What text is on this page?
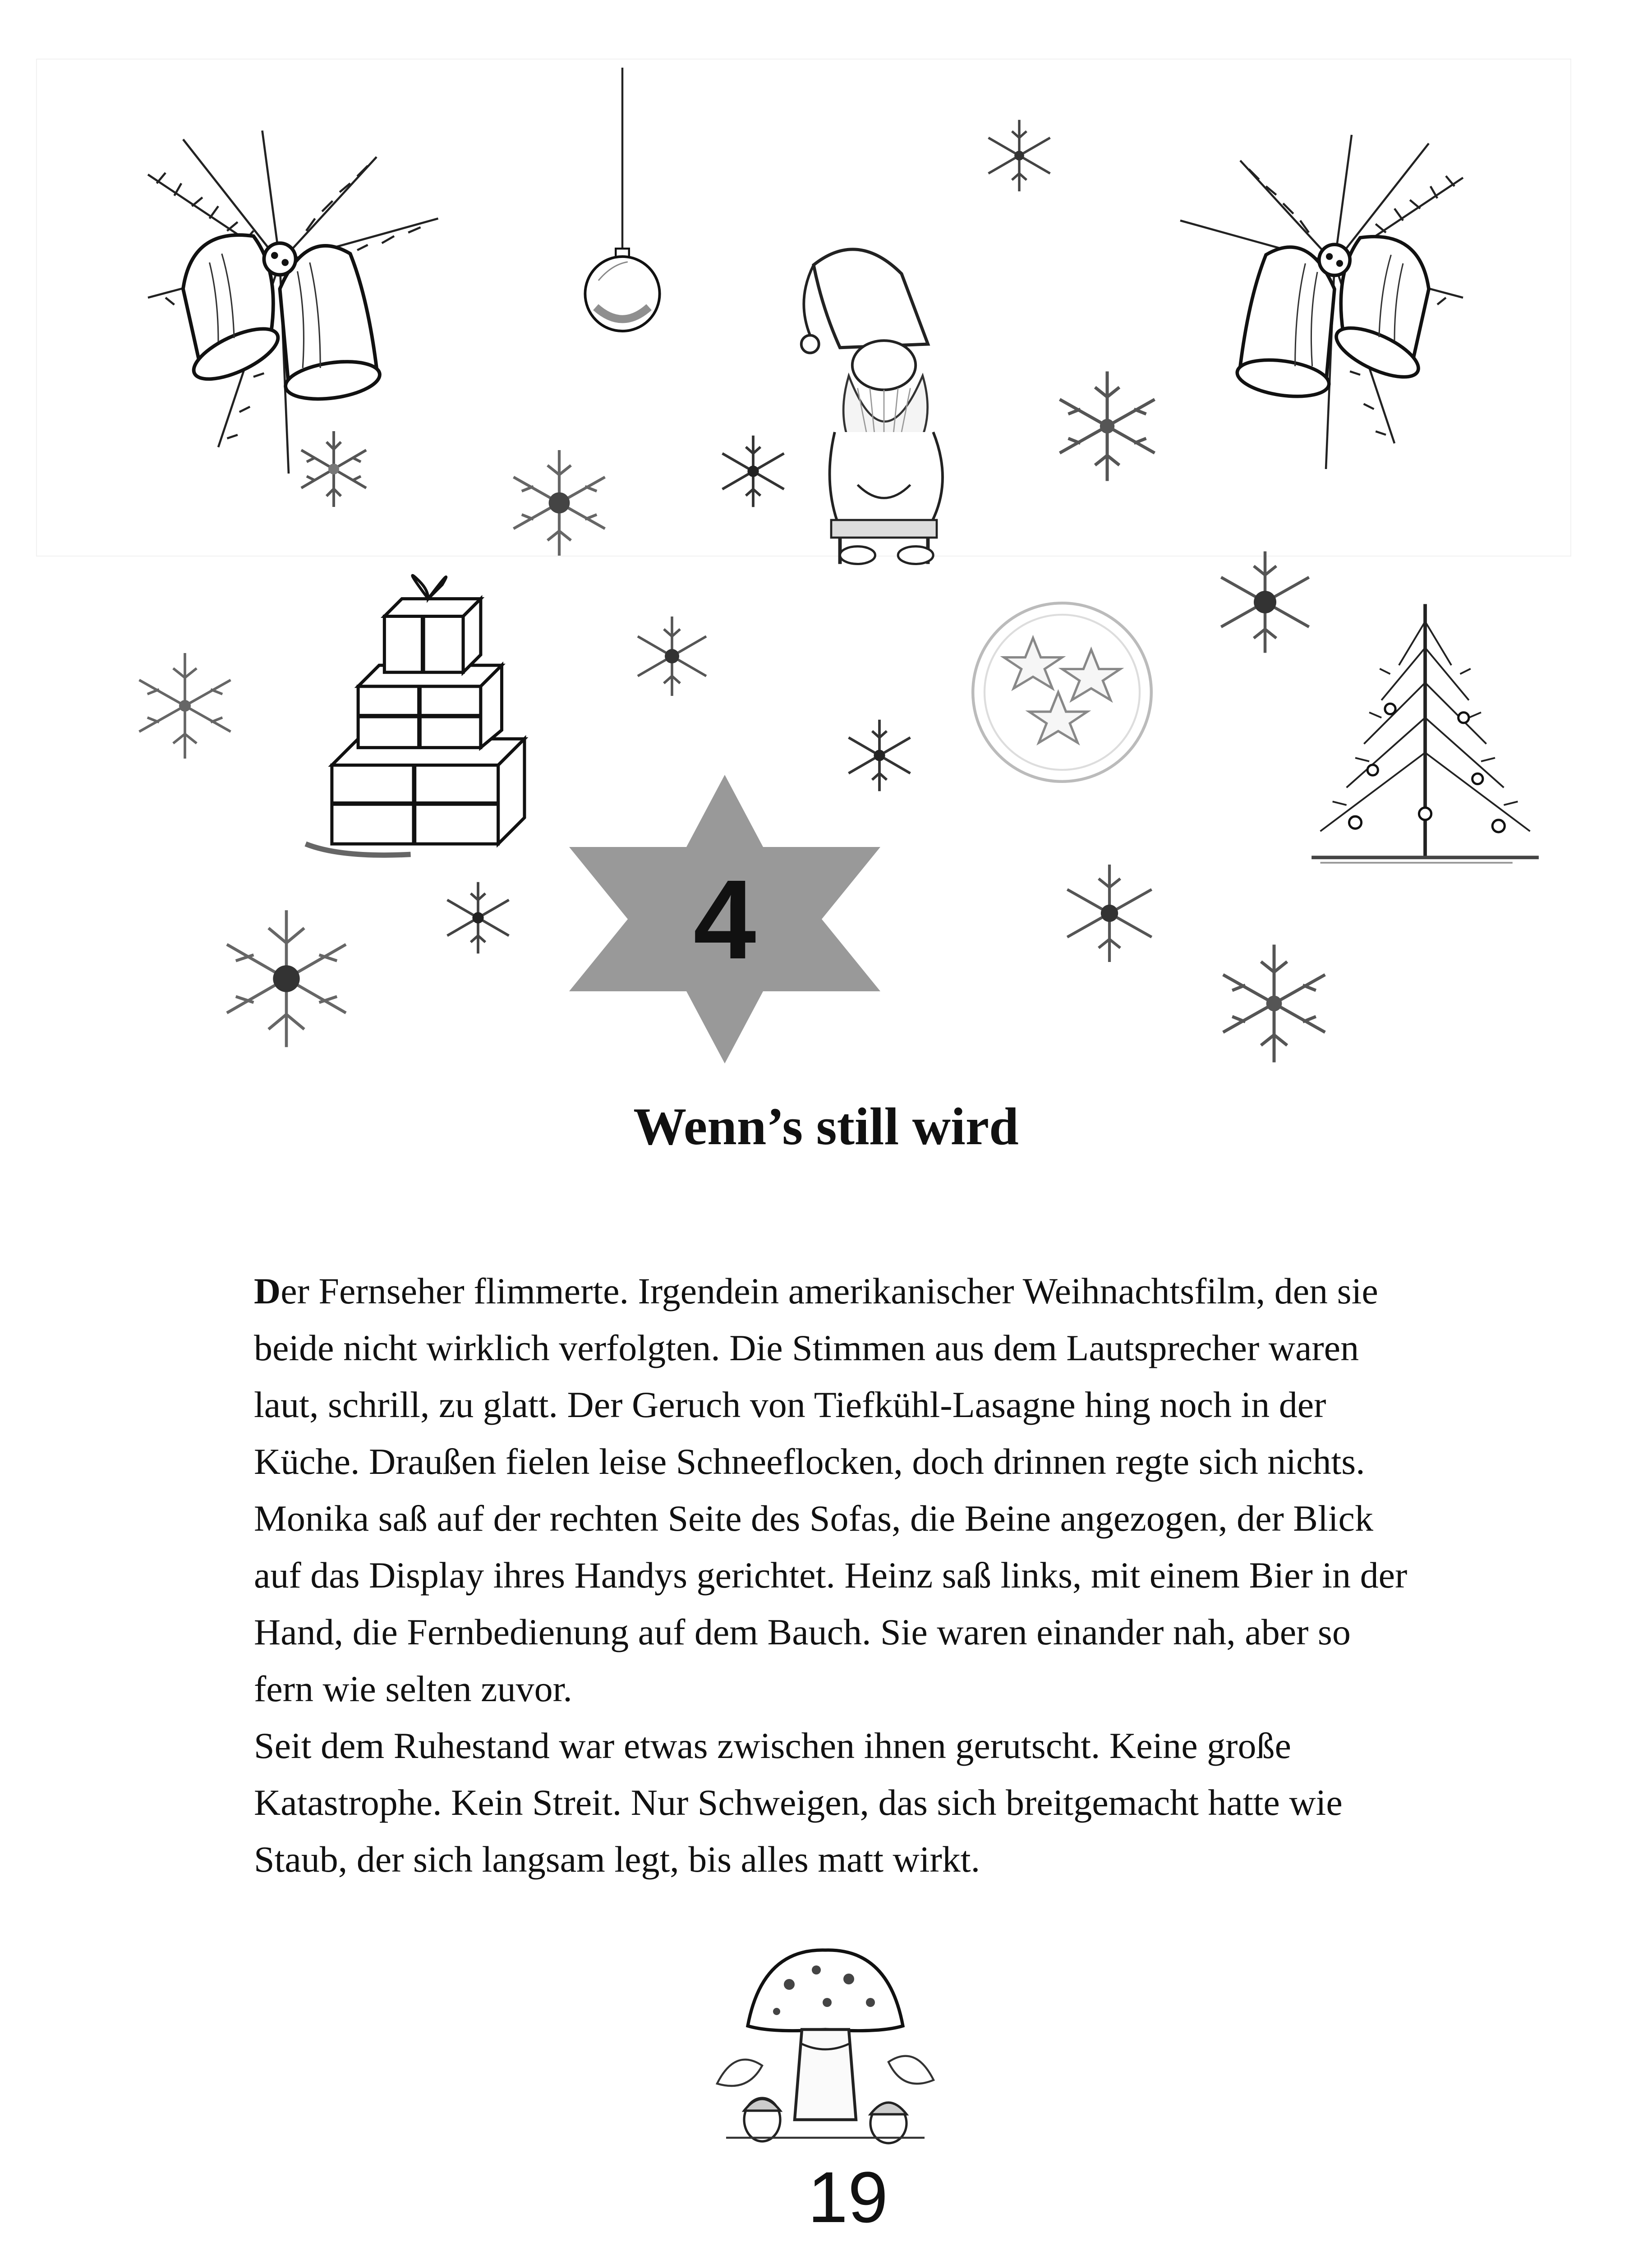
4
Wenn’s still wird

Der Fernseher flimmerte. Irgendein amerikanischer Weihnachtsfilm, den sie beide nicht wirklich verfolgten. Die Stimmen aus dem Lautsprecher waren laut, schrill, zu glatt. Der Geruch von Tiefkühl-Lasagne hing noch in der Küche. Draußen fielen leise Schneeflocken, doch drinnen regte sich nichts.

Monika saß auf der rechten Seite des Sofas, die Beine angezogen, der Blick auf das Display ihres Handys gerichtet. Heinz saß links, mit einem Bier in der Hand, die Fernbedienung auf dem Bauch. Sie waren einander nah, aber so fern wie selten zuvor.

Seit dem Ruhestand war etwas zwischen ihnen gerutscht. Keine große Katastrophe. Kein Streit. Nur Schweigen, das sich breitgemacht hatte wie Staub, der sich langsam legt, bis alles matt wirkt.

19
